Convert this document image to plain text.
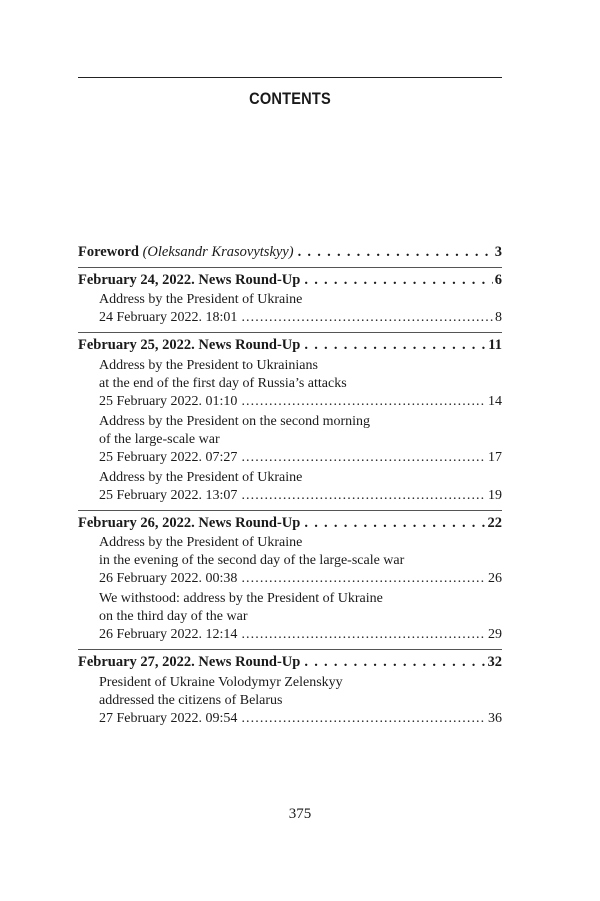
CONTENTS
Foreword (Oleksandr Krasovytskyy) . . .	3
February 24, 2022. News Round-Up . . .	6
Address by the President of Ukraine
24 February 2022. 18:01 . . .	8
February 25, 2022. News Round-Up . . .	11
Address by the President to Ukrainians
at the end of the first day of Russia’s attacks
25 February 2022. 01:10 . . .	14
Address by the President on the second morning
of the large-scale war
25 February 2022. 07:27 . . .	17
Address by the President of Ukraine
25 February 2022. 13:07 . . .	19
February 26, 2022. News Round-Up . . .	22
Address by the President of Ukraine
in the evening of the second day of the large-scale war
26 February 2022. 00:38 . . .	26
We withstood: address by the President of Ukraine
on the third day of the war
26 February 2022. 12:14 . . .	29
February 27, 2022. News Round-Up . . .	32
President of Ukraine Volodymyr Zelenskyy
addressed the citizens of Belarus
27 February 2022. 09:54 . . .	36
375
